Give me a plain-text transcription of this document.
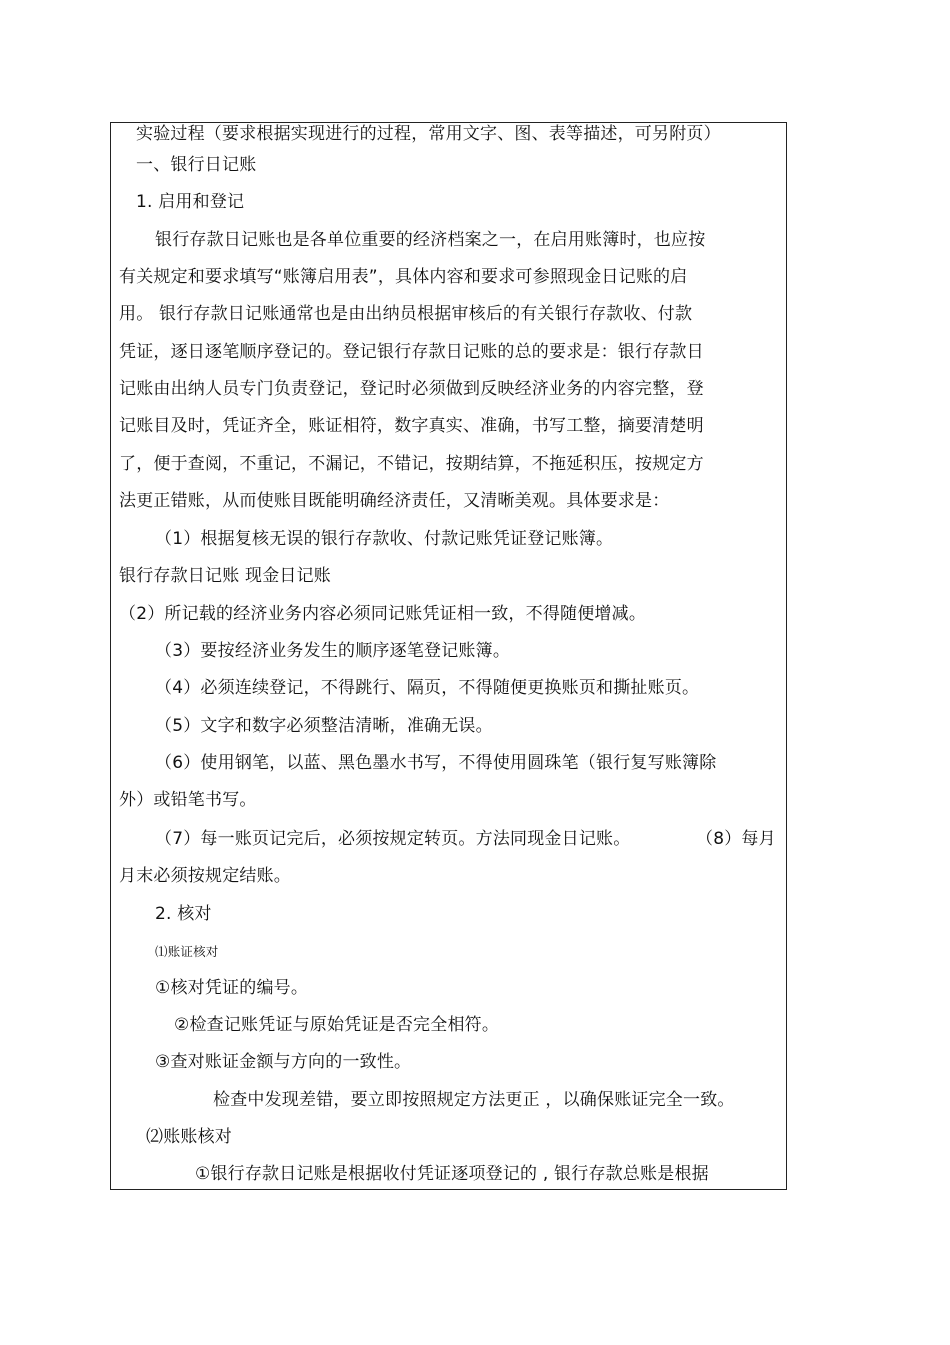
实验过程（要求根据实现进行的过程，常用文字、图、表等描述，可另附页）
一、银行日记账
1. 启用和登记
银行存款日记账也是各单位重要的经济档案之一，在启用账簿时，也应按
有关规定和要求填写“账簿启用表”，具体内容和要求可参照现金日记账的启
用。 银行存款日记账通常也是由出纳员根据审核后的有关银行存款收、付款
凭证，逐日逐笔顺序登记的。登记银行存款日记账的总的要求是：银行存款日
记账由出纳人员专门负责登记，登记时必须做到反映经济业务的内容完整，登
记账目及时，凭证齐全，账证相符，数字真实、准确，书写工整，摘要清楚明
了，便于查阅，不重记，不漏记，不错记，按期结算，不拖延积压，按规定方
法更正错账，从而使账目既能明确经济责任，又清晰美观。具体要求是：
（1）根据复核无误的银行存款收、付款记账凭证登记账簿。
银行存款日记账 现金日记账
（2）所记载的经济业务内容必须同记账凭证相一致，不得随便增减。
（3）要按经济业务发生的顺序逐笔登记账簿。
（4）必须连续登记，不得跳行、隔页，不得随便更换账页和撕扯账页。
（5）文字和数字必须整洁清晰，准确无误。
（6）使用钢笔，以蓝、黑色墨水书写，不得使用圆珠笔（银行复写账簿除
外）或铅笔书写。
（7）每一账页记完后，必须按规定转页。方法同现金日记账。	（8）每月
月末必须按规定结账。
2. 核对
⑴账证核对
①核对凭证的编号。
②检查记账凭证与原始凭证是否完全相符。
③查对账证金额与方向的一致性。
检查中发现差错，要立即按照规定方法更正 ，以确保账证完全一致。
⑵账账核对
①银行存款日记账是根据收付凭证逐项登记的 , 银行存款总账是根据
